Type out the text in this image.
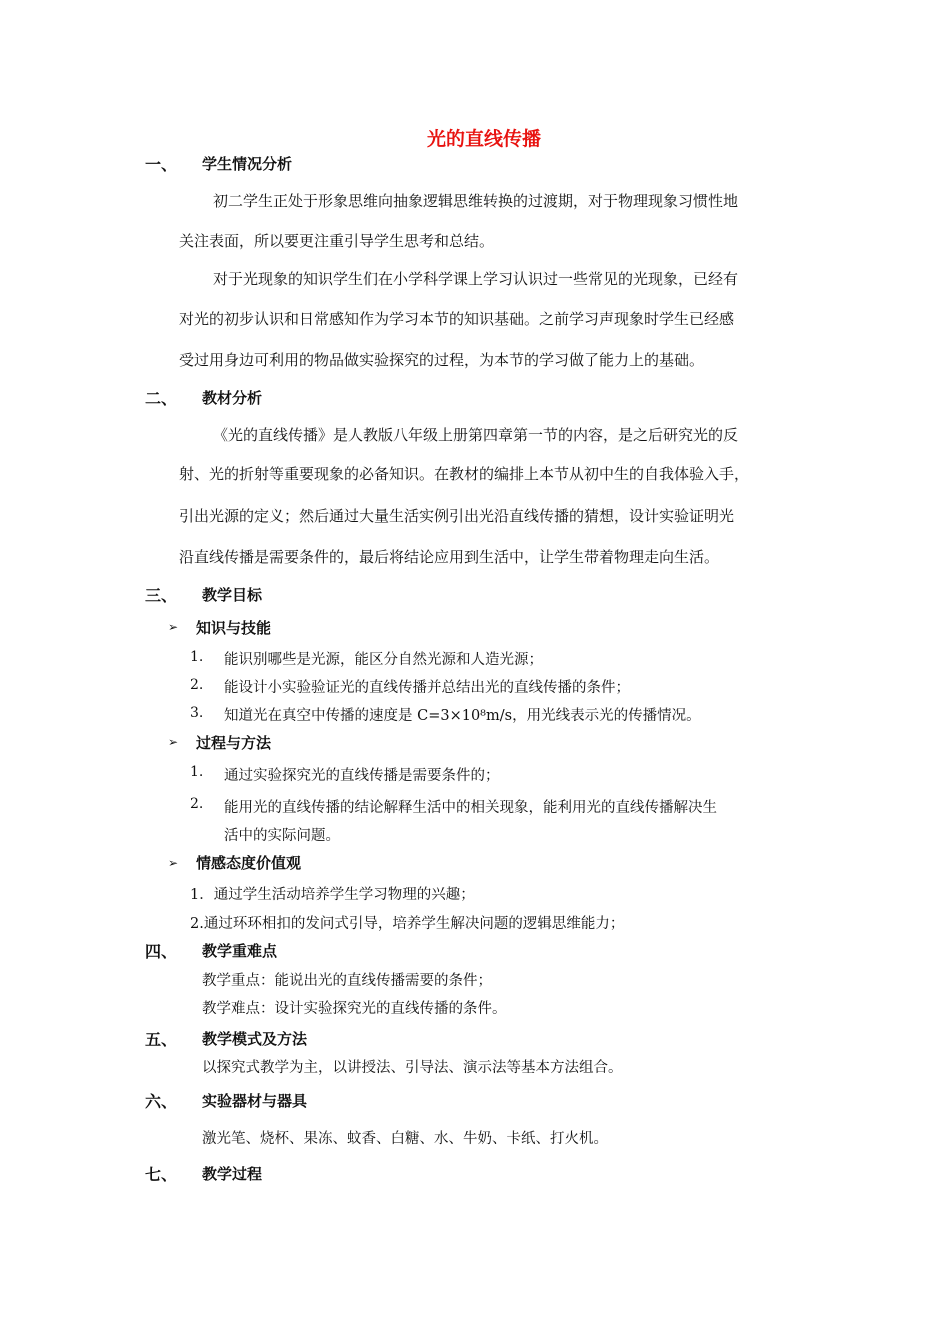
光的直线传播
一、 学生情况分析
初二学生正处于形象思维向抽象逻辑思维转换的过渡期，对于物理现象习惯性地
关注表面，所以要更注重引导学生思考和总结。
对于光现象的知识学生们在小学科学课上学习认识过一些常见的光现象，已经有
对光的初步认识和日常感知作为学习本节的知识基础。之前学习声现象时学生已经感
受过用身边可利用的物品做实验探究的过程，为本节的学习做了能力上的基础。
二、 教材分析
《光的直线传播》是人教版八年级上册第四章第一节的内容，是之后研究光的反
射、光的折射等重要现象的必备知识。在教材的编排上本节从初中生的自我体验入手，
引出光源的定义；然后通过大量生活实例引出光沿直线传播的猜想，设计实验证明光
沿直线传播是需要条件的，最后将结论应用到生活中，让学生带着物理走向生活。
三、 教学目标
➢ 知识与技能
1. 能识别哪些是光源，能区分自然光源和人造光源；
2. 能设计小实验验证光的直线传播并总结出光的直线传播的条件；
3. 知道光在真空中传播的速度是 C=3×10⁸m/s，用光线表示光的传播情况。
➢ 过程与方法
1. 通过实验探究光的直线传播是需要条件的；
2. 能用光的直线传播的结论解释生活中的相关现象，能利用光的直线传播解决生
活中的实际问题。
➢ 情感态度价值观
1．通过学生活动培养学生学习物理的兴趣；
2.通过环环相扣的发问式引导，培养学生解决问题的逻辑思维能力；
四、 教学重难点
教学重点：能说出光的直线传播需要的条件；
教学难点：设计实验探究光的直线传播的条件。
五、 教学模式及方法
以探究式教学为主，以讲授法、引导法、演示法等基本方法组合。
六、 实验器材与器具
激光笔、烧杯、果冻、蚊香、白糖、水、牛奶、卡纸、打火机。
七、 教学过程
